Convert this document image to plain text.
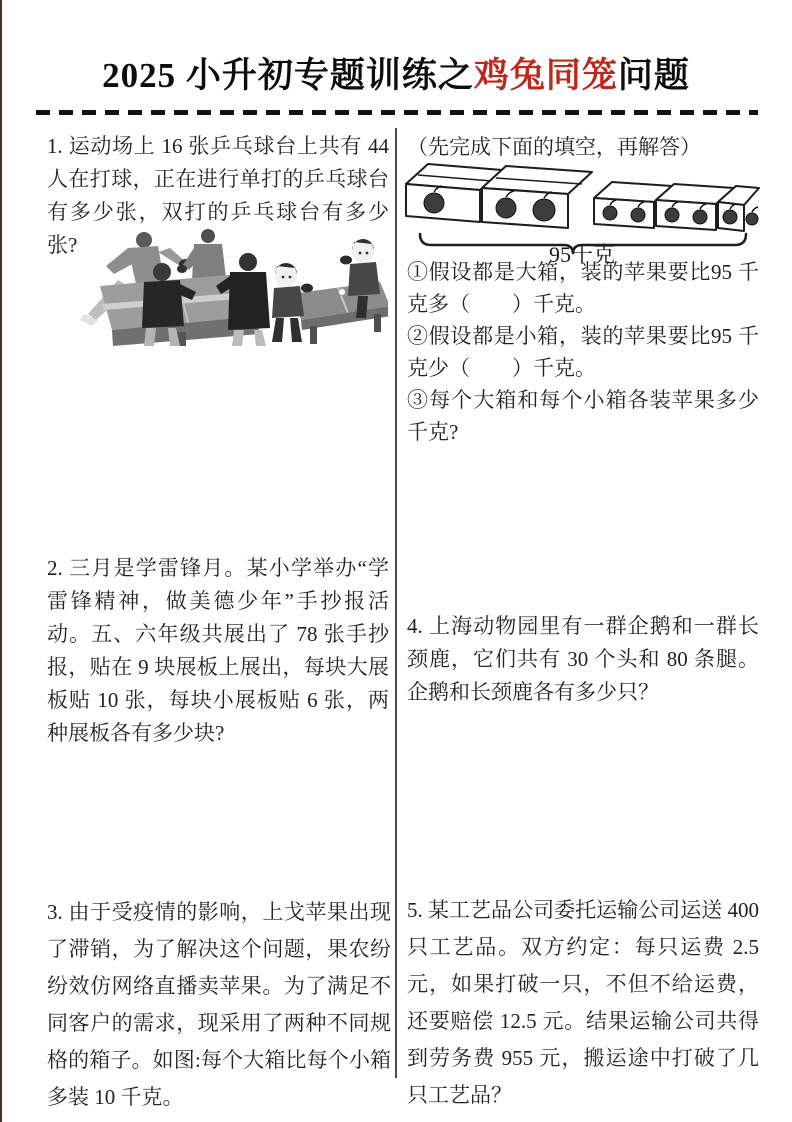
2025 小升初专题训练之鸡兔同笼问题

1. 运动场上 16 张乒乓球台上共有 44 人在打球，正在进行单打的乒乓球台有多少张，双打的乒乓球台有多少张?

2. 三月是学雷锋月。某小学举办“学雷锋精神，做美德少年”手抄报活动。五、六年级共展出了 78 张手抄报，贴在 9 块展板上展出，每块大展板贴 10 张，每块小展板贴 6 张，两种展板各有多少块?

3. 由于受疫情的影响，上戈苹果出现了滞销，为了解决这个问题，果农纷纷效仿网络直播卖苹果。为了满足不同客户的需求，现采用了两种不同规格的箱子。如图:每个大箱比每个小箱多装 10 千克。

（先完成下面的填空，再解答）

95千克

①假设都是大箱，装的苹果要比95 千克多（　　）千克。

②假设都是小箱，装的苹果要比95 千克少（　　）千克。

③每个大箱和每个小箱各装苹果多少千克?

4. 上海动物园里有一群企鹅和一群长颈鹿，它们共有 30 个头和 80 条腿。企鹅和长颈鹿各有多少只？

5. 某工艺品公司委托运输公司运送 400 只工艺品。双方约定：每只运费 2.5 元，如果打破一只，不但不给运费，还要赔偿 12.5 元。结果运输公司共得到劳务费 955 元，搬运途中打破了几只工艺品？
